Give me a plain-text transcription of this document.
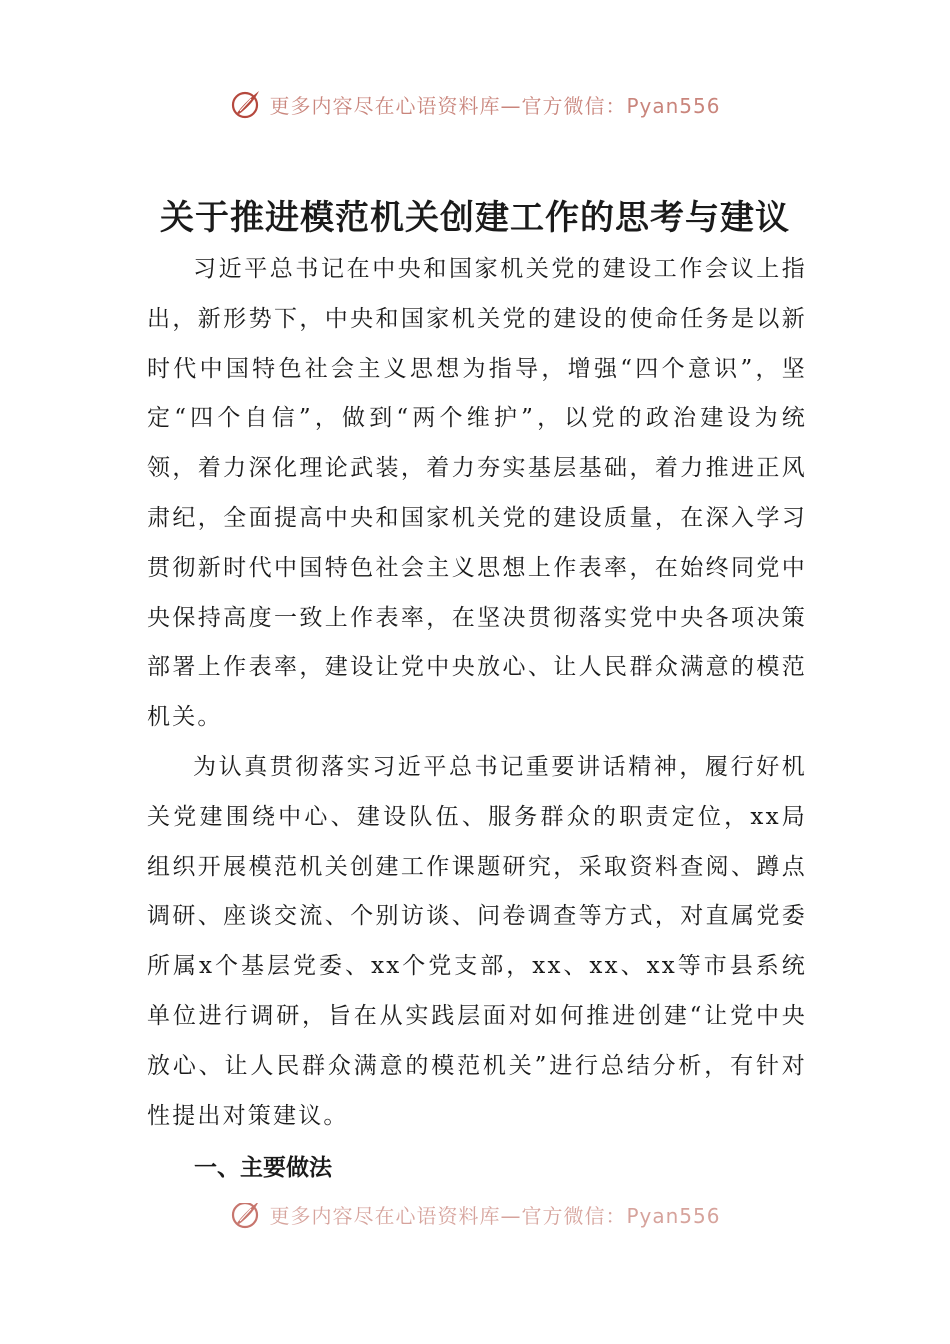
更多内容尽在心语资料库—官方微信：Pyan556
关于推进模范机关创建工作的思考与建议

习近平总书记在中央和国家机关党的建设工作会议上指出，新形势下，中央和国家机关党的建设的使命任务是以新时代中国特色社会主义思想为指导，增强“四个意识”，坚定“四个自信”，做到“两个维护”，以党的政治建设为统领，着力深化理论武装，着力夯实基层基础，着力推进正风肃纪，全面提高中央和国家机关党的建设质量，在深入学习贯彻新时代中国特色社会主义思想上作表率，在始终同党中央保持高度一致上作表率，在坚决贯彻落实党中央各项决策部署上作表率，建设让党中央放心、让人民群众满意的模范机关。

为认真贯彻落实习近平总书记重要讲话精神，履行好机关党建围绕中心、建设队伍、服务群众的职责定位，xx局组织开展模范机关创建工作课题研究，采取资料查阅、蹲点调研、座谈交流、个别访谈、问卷调查等方式，对直属党委所属x个基层党委、xx个党支部，xx、xx、xx等市县系统单位进行调研，旨在从实践层面对如何推进创建“让党中央放心、让人民群众满意的模范机关”进行总结分析，有针对性提出对策建议。

一、主要做法
更多内容尽在心语资料库—官方微信：Pyan556
